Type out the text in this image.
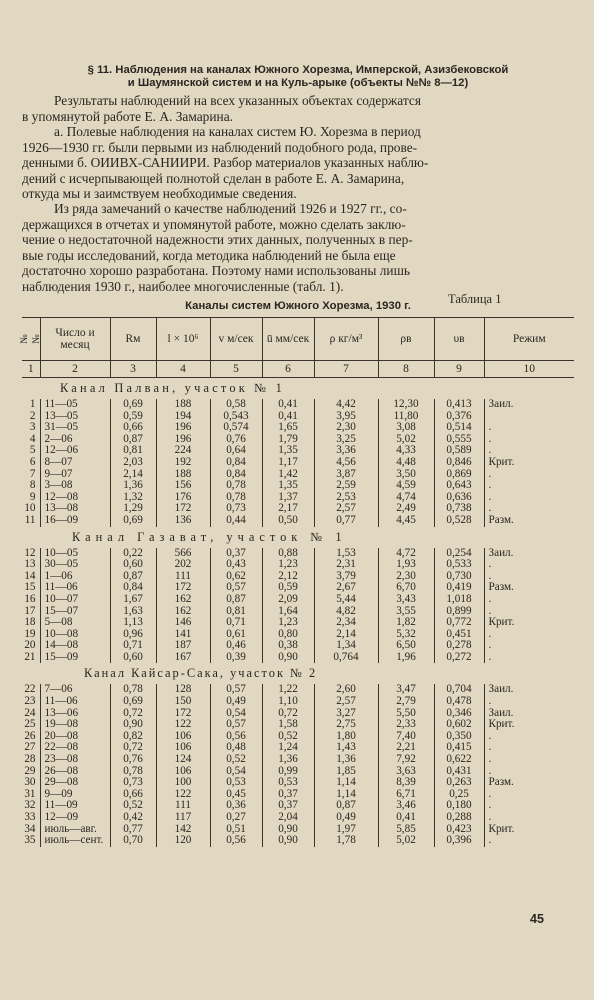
§ 11. Наблюдения на каналах Южного Хорезма, Имперской, Азизбековской
и Шаумянской систем и на Куль-арыке (объекты №№ 8—12)
Результаты наблюдений на всех указанных объектах содержатся
в упомянутой работе Е. А. Замарина.
а. Полевые наблюдения на каналах систем Ю. Хорезма в период
1926—1930 гг. были первыми из наблюдений подобного рода, прове-
денными б. ОИИВХ-САНИИРИ. Разбор материалов указанных наблю-
дений с исчерпывающей полнотой сделан в работе Е. А. Замарина,
откуда мы и заимствуем необходимые сведения.
Из ряда замечаний о качестве наблюдений 1926 и 1927 гг., со-
держащихся в отчетах и упомянутой работе, можно сделать заклю-
чение о недостаточной надежности этих данных, полученных в пер-
вые годы исследований, когда методика наблюдений не была еще
достаточно хорошо разработана. Поэтому нами использованы лишь
наблюдения 1930 г., наиболее многочисленные (табл. 1).
Таблица 1
Каналы систем Южного Хорезма, 1930 г.
№№	Число и месяц	Rм	l × 10⁶	v м/сек	ū мм/сек	ρ кг/м³	ρв	υв	Режим
1	2	3	4	5	6	7	8	9	10
Канал Палван, участок № 1									
1	11—05	0,69	188	0,58	0,41	4,42	12,30	0,413	Заил.
2	13—05	0,59	194	0,543	0,41	3,95	11,80	0,376	
3	31—05	0,66	196	0,574	1,65	2,30	3,08	0,514	.
4	2—06	0,87	196	0,76	1,79	3,25	5,02	0,555	.
5	12—06	0,81	224	0,64	1,35	3,36	4,33	0,589	.
6	8—07	2,03	192	0,84	1,17	4,56	4,48	0,846	Крит.
7	9—07	2,14	188	0,84	1,42	3,87	3,50	0,869	.
8	3—08	1,36	156	0,78	1,35	2,59	4,59	0,643	.
9	12—08	1,32	176	0,78	1,37	2,53	4,74	0,636	.
10	13—08	1,29	172	0,73	2,17	2,57	2,49	0,738	.
11	16—09	0,69	136	0,44	0,50	0,77	4,45	0,528	Разм.
Канал Газават, участок № 1									
12	10—05	0,22	566	0,37	0,88	1,53	4,72	0,254	Заил.
13	30—05	0,60	202	0,43	1,23	2,31	1,93	0,533	.
14	1—06	0,87	111	0,62	2,12	3,79	2,30	0,730	.
15	11—06	0,84	172	0,57	0,59	2,67	6,70	0,419	Разм.
16	10—07	1,67	162	0,87	2,09	5,44	3,43	1,018	.
17	15—07	1,63	162	0,81	1,64	4,82	3,55	0,899	.
18	5—08	1,13	146	0,71	1,23	2,34	1,82	0,772	Крит.
19	10—08	0,96	141	0,61	0,80	2,14	5,32	0,451	.
20	14—08	0,71	187	0,46	0,38	1,34	6,50	0,278	.
21	15—09	0,60	167	0,39	0,90	0,764	1,96	0,272	.
Канал Кайсар-Сака, участок № 2									
22	7—06	0,78	128	0,57	1,22	2,60	3,47	0,704	Заил.
23	11—06	0,69	150	0,49	1,10	2,57	2,79	0,478	.
24	13—06	0,72	172	0,54	0,72	3,27	5,50	0,346	Заил.
25	19—08	0,90	122	0,57	1,58	2,75	2,33	0,602	Крит.
26	20—08	0,82	106	0,56	0,52	1,80	7,40	0,350	.
27	22—08	0,72	106	0,48	1,24	1,43	2,21	0,415	.
28	23—08	0,76	124	0,52	1,36	1,36	7,92	0,622	.
29	26—08	0,78	106	0,54	0,99	1,85	3,63	0,431	.
30	29—08	0,73	100	0,53	0,53	1,14	8,39	0,263	Разм.
31	9—09	0,66	122	0,45	0,37	1,14	6,71	0,25	.
32	11—09	0,52	111	0,36	0,37	0,87	3,46	0,180	.
33	12—09	0,42	117	0,27	2,04	0,49	0,41	0,288	.
34	июль—авг.	0,77	142	0,51	0,90	1,97	5,85	0,423	Крит.
35	июль—сент.	0,70	120	0,56	0,90	1,78	5,02	0,396	.
45
